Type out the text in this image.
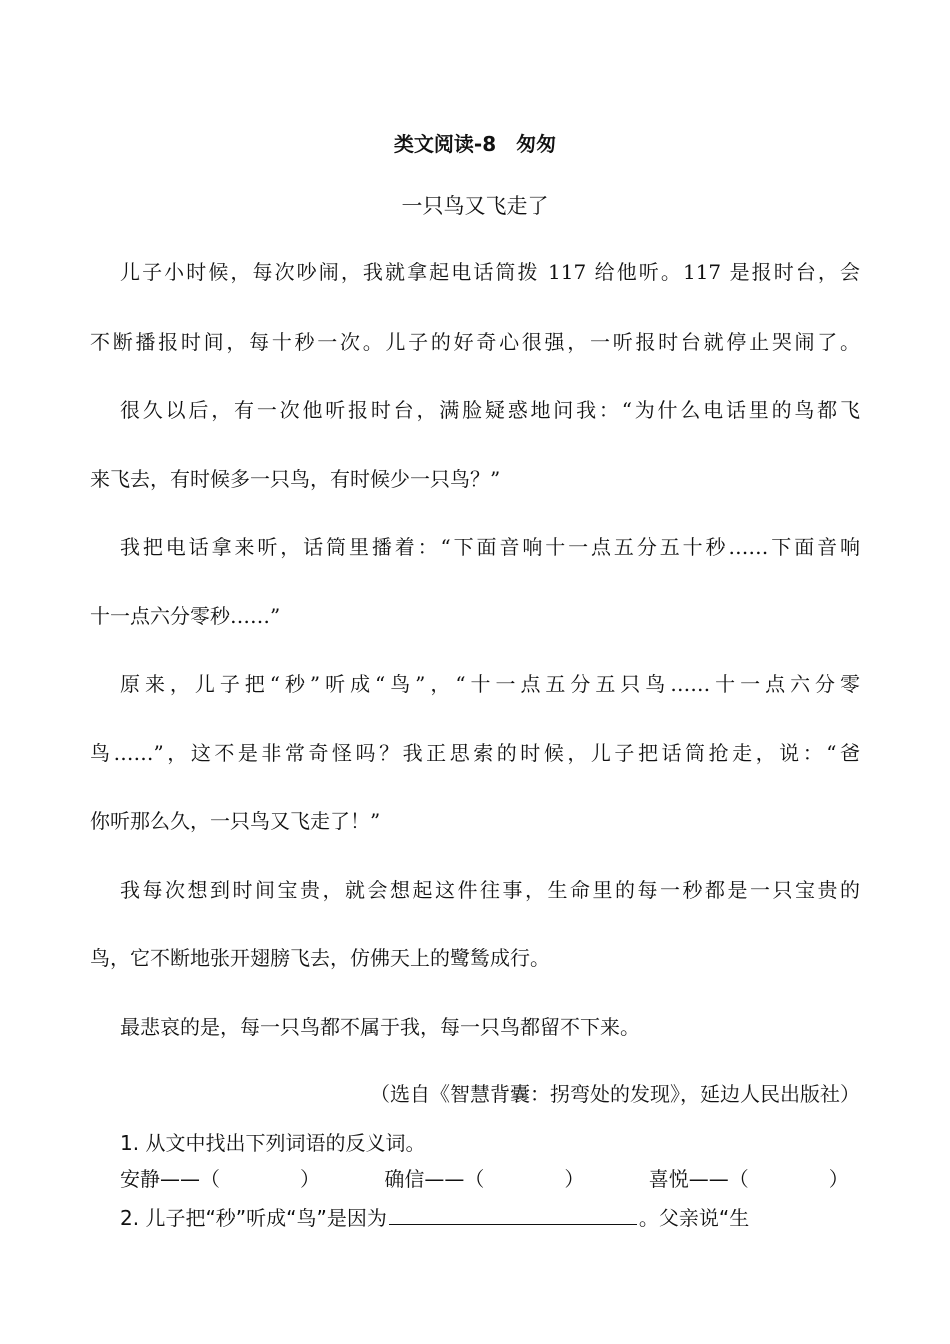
类文阅读-8　匆匆
一只鸟又飞走了
儿子小时候，每次吵闹，我就拿起电话筒拨 117 给他听。117 是报时台，会
不断播报时间，每十秒一次。儿子的好奇心很强，一听报时台就停止哭闹了。
很久以后，有一次他听报时台，满脸疑惑地问我：“为什么电话里的鸟都飞
来飞去，有时候多一只鸟，有时候少一只鸟？”
我把电话拿来听，话筒里播着：“下面音响十一点五分五十秒……下面音响
十一点六分零秒……”
原来，儿子把“秒”听成“鸟”，“十一点五分五只鸟……十一点六分零
鸟……”，这不是非常奇怪吗？我正思索的时候，儿子把话筒抢走，说：“爸
你听那么久，一只鸟又飞走了！”
我每次想到时间宝贵，就会想起这件往事，生命里的每一秒都是一只宝贵的
鸟，它不断地张开翅膀飞去，仿佛天上的鹭鸶成行。
最悲哀的是，每一只鸟都不属于我，每一只鸟都留不下来。
（选自《智慧背囊：拐弯处的发现》，延边人民出版社）
1. 从文中找出下列词语的反义词。
安静——（	）	确信——（	）	喜悦——（	）
2. 儿子把“秒”听成“鸟”是因为	。父亲说“生
